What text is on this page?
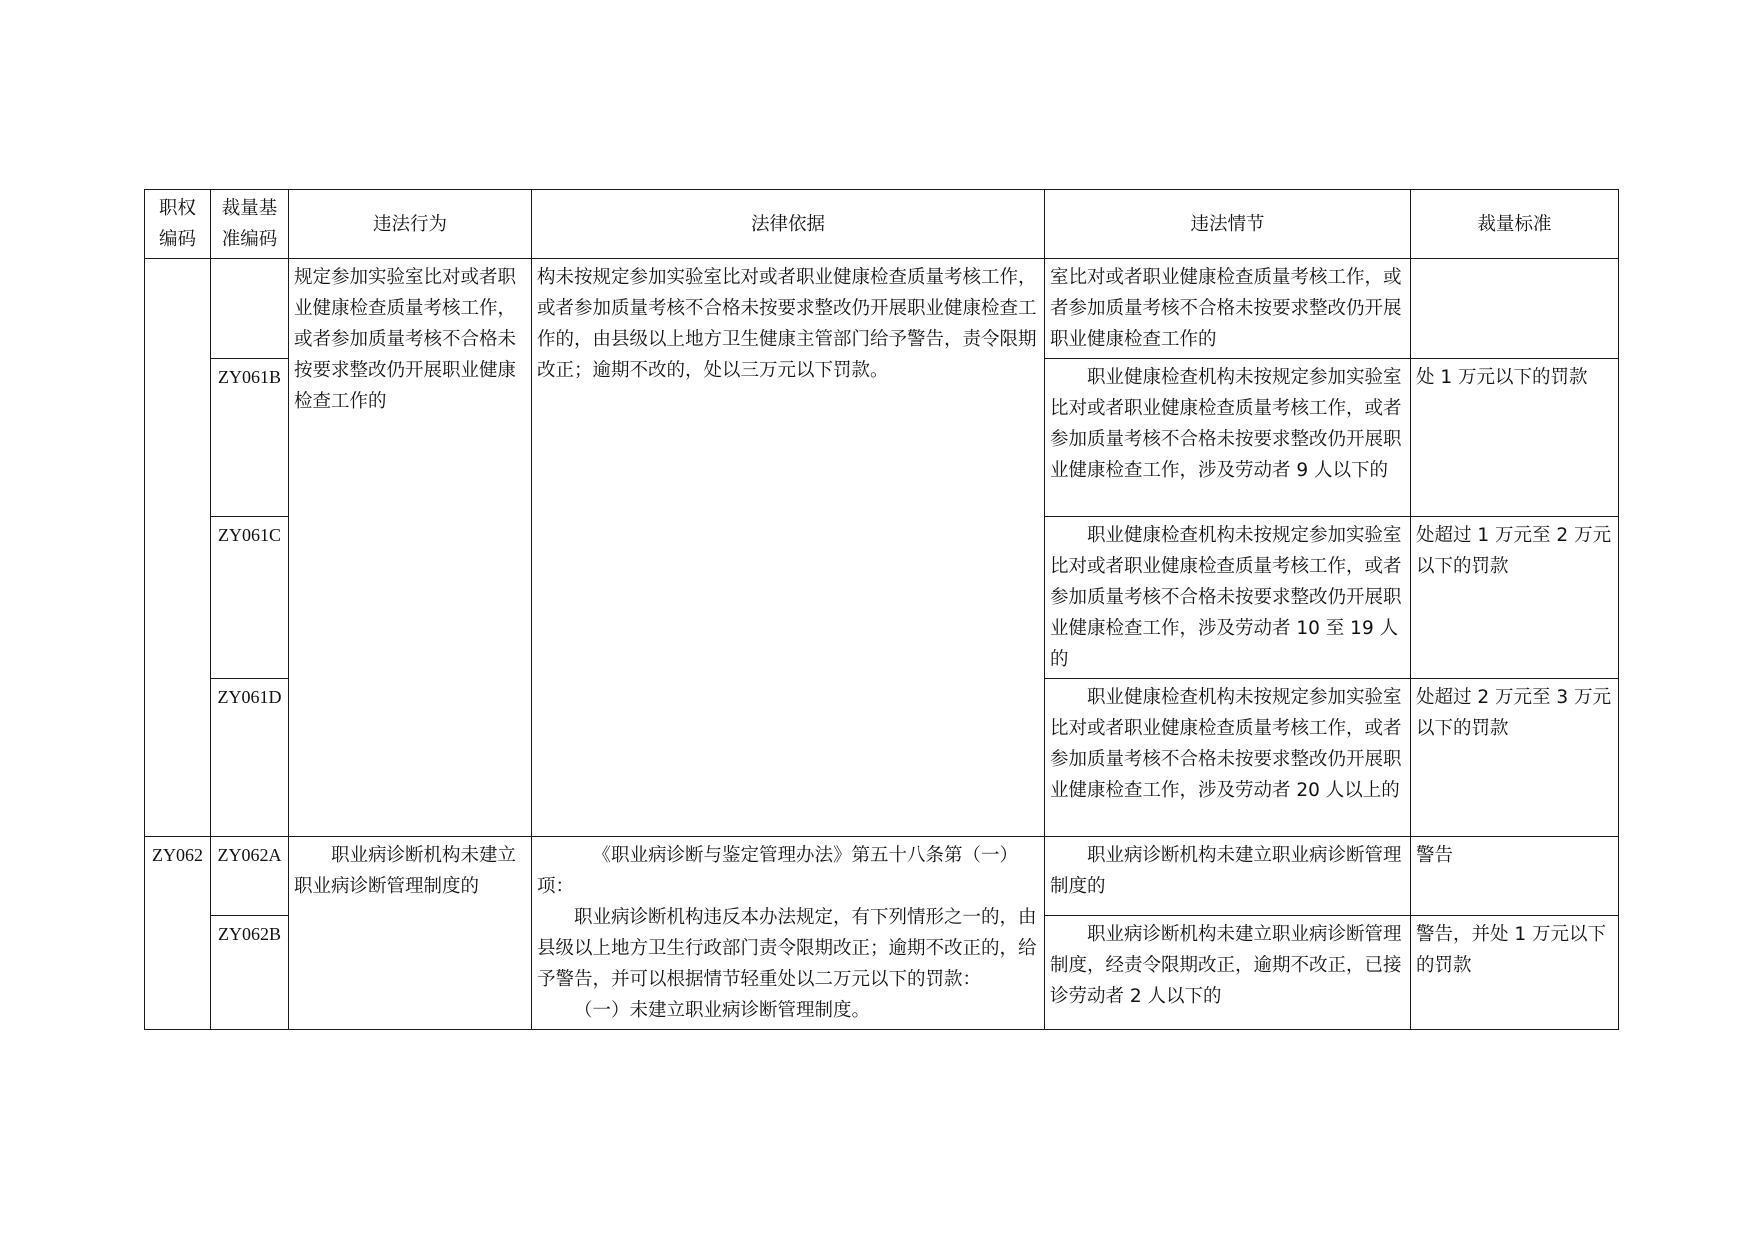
职权编码	裁量基准编码	违法行为	法律依据	违法情节	裁量标准

		规定参加实验室比对或者职业健康检查质量考核工作，或者参加质量考核不合格未按要求整改仍开展职业健康检查工作的	构未按规定参加实验室比对或者职业健康检查质量考核工作，或者参加质量考核不合格未按要求整改仍开展职业健康检查工作的，由县级以上地方卫生健康主管部门给予警告，责令限期改正；逾期不改的，处以三万元以下罚款。	室比对或者职业健康检查质量考核工作，或者参加质量考核不合格未按要求整改仍开展职业健康检查工作的	
	ZY061B			职业健康检查机构未按规定参加实验室比对或者职业健康检查质量考核工作，或者参加质量考核不合格未按要求整改仍开展职业健康检查工作，涉及劳动者 9 人以下的	处 1 万元以下的罚款
	ZY061C			职业健康检查机构未按规定参加实验室比对或者职业健康检查质量考核工作，或者参加质量考核不合格未按要求整改仍开展职业健康检查工作，涉及劳动者 10 至 19 人的	处超过 1 万元至 2 万元以下的罚款
	ZY061D			职业健康检查机构未按规定参加实验室比对或者职业健康检查质量考核工作，或者参加质量考核不合格未按要求整改仍开展职业健康检查工作，涉及劳动者 20 人以上的	处超过 2 万元至 3 万元以下的罚款
ZY062	ZY062A	职业病诊断机构未建立职业病诊断管理制度的	《职业病诊断与鉴定管理办法》第五十八条第（一）项：

职业病诊断机构违反本办法规定，有下列情形之一的，由县级以上地方卫生行政部门责令限期改正；逾期不改正的，给予警告，并可以根据情节轻重处以二万元以下的罚款：

（一）未建立职业病诊断管理制度。	职业病诊断机构未建立职业病诊断管理制度的	警告
	ZY062B			职业病诊断机构未建立职业病诊断管理制度，经责令限期改正，逾期不改正，已接诊劳动者 2 人以下的	警告，并处 1 万元以下的罚款
